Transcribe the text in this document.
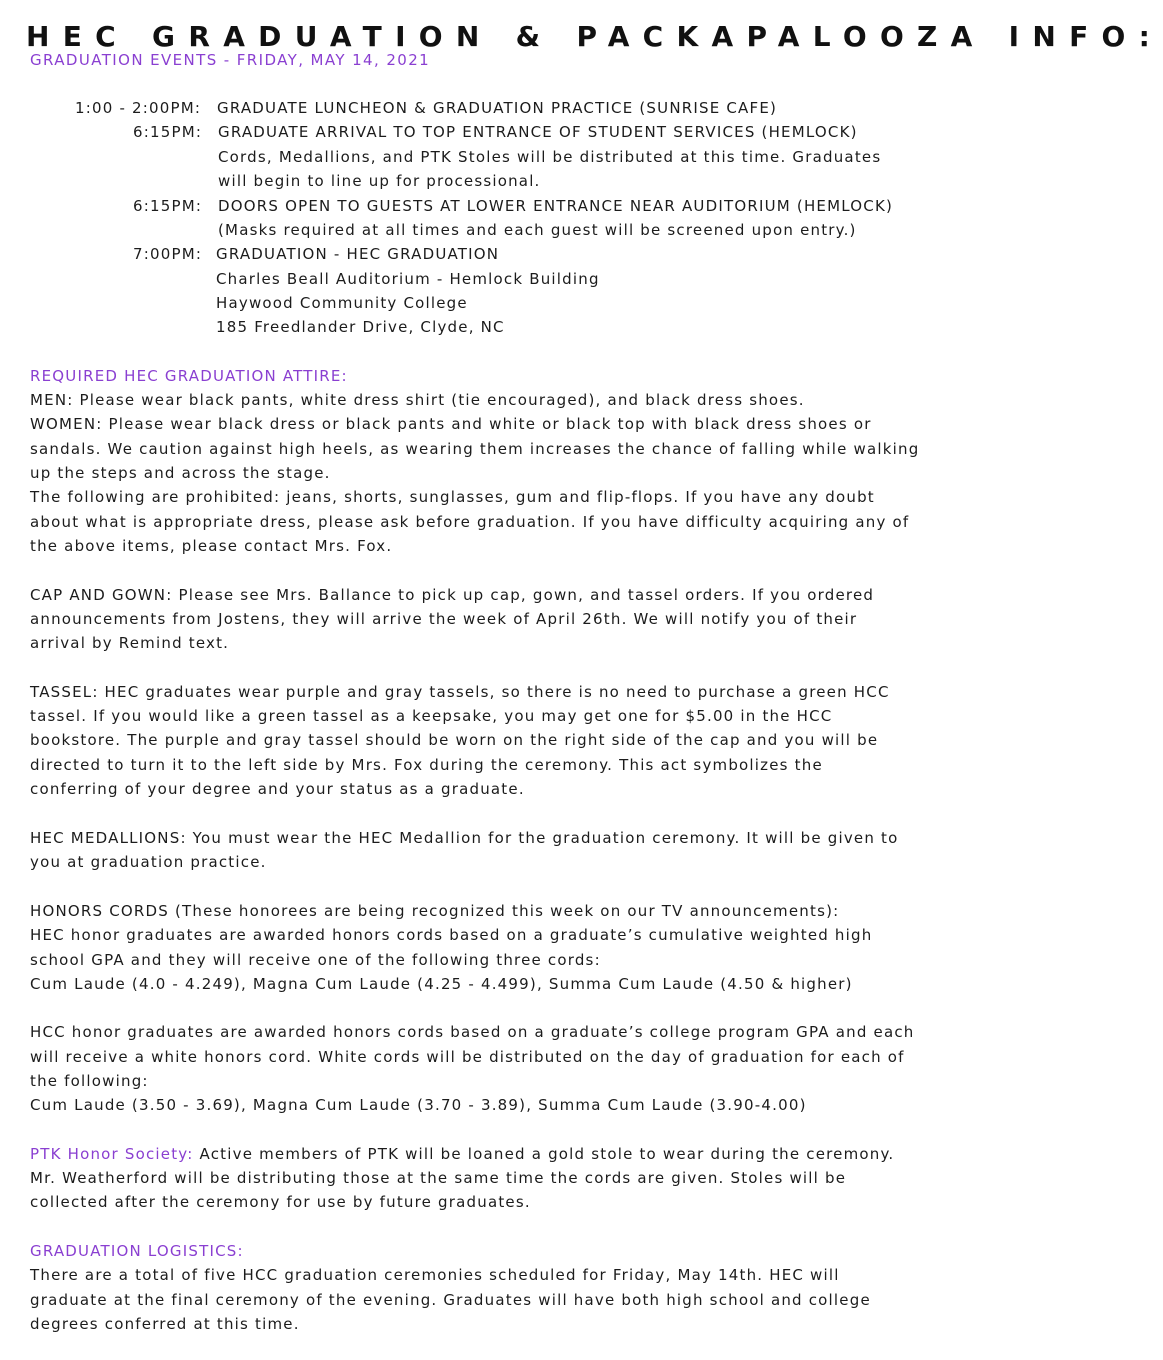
HEC GRADUATION & PACKAPALOOZA INFO:
GRADUATION EVENTS - FRIDAY, MAY 14, 2021
1:00 - 2:00PM: GRADUATE LUNCHEON & GRADUATION PRACTICE (SUNRISE CAFE)
6:15PM: GRADUATE ARRIVAL TO TOP ENTRANCE OF STUDENT SERVICES (HEMLOCK)
Cords, Medallions, and PTK Stoles will be distributed at this time. Graduates
will begin to line up for processional.
6:15PM: DOORS OPEN TO GUESTS AT LOWER ENTRANCE NEAR AUDITORIUM (HEMLOCK)
(Masks required at all times and each guest will be screened upon entry.)
7:00PM: GRADUATION - HEC GRADUATION
Charles Beall Auditorium - Hemlock Building
Haywood Community College
185 Freedlander Drive, Clyde, NC
REQUIRED HEC GRADUATION ATTIRE:
MEN: Please wear black pants, white dress shirt (tie encouraged), and black dress shoes.
WOMEN: Please wear black dress or black pants and white or black top with black dress shoes or
sandals. We caution against high heels, as wearing them increases the chance of falling while walking
up the steps and across the stage.
The following are prohibited: jeans, shorts, sunglasses, gum and flip-flops. If you have any doubt
about what is appropriate dress, please ask before graduation. If you have difficulty acquiring any of
the above items, please contact Mrs. Fox.
CAP AND GOWN: Please see Mrs. Ballance to pick up cap, gown, and tassel orders. If you ordered
announcements from Jostens, they will arrive the week of April 26th. We will notify you of their
arrival by Remind text.
TASSEL: HEC graduates wear purple and gray tassels, so there is no need to purchase a green HCC
tassel. If you would like a green tassel as a keepsake, you may get one for $5.00 in the HCC
bookstore. The purple and gray tassel should be worn on the right side of the cap and you will be
directed to turn it to the left side by Mrs. Fox during the ceremony. This act symbolizes the
conferring of your degree and your status as a graduate.
HEC MEDALLIONS: You must wear the HEC Medallion for the graduation ceremony. It will be given to
you at graduation practice.
HONORS CORDS (These honorees are being recognized this week on our TV announcements):
HEC honor graduates are awarded honors cords based on a graduate’s cumulative weighted high
school GPA and they will receive one of the following three cords:
Cum Laude (4.0 - 4.249), Magna Cum Laude (4.25 - 4.499), Summa Cum Laude (4.50 & higher)
HCC honor graduates are awarded honors cords based on a graduate’s college program GPA and each
will receive a white honors cord. White cords will be distributed on the day of graduation for each of
the following:
Cum Laude (3.50 - 3.69), Magna Cum Laude (3.70 - 3.89), Summa Cum Laude (3.90-4.00)
PTK Honor Society: Active members of PTK will be loaned a gold stole to wear during the ceremony.
Mr. Weatherford will be distributing those at the same time the cords are given. Stoles will be
collected after the ceremony for use by future graduates.
GRADUATION LOGISTICS:
There are a total of five HCC graduation ceremonies scheduled for Friday, May 14th. HEC will
graduate at the final ceremony of the evening. Graduates will have both high school and college
degrees conferred at this time.
